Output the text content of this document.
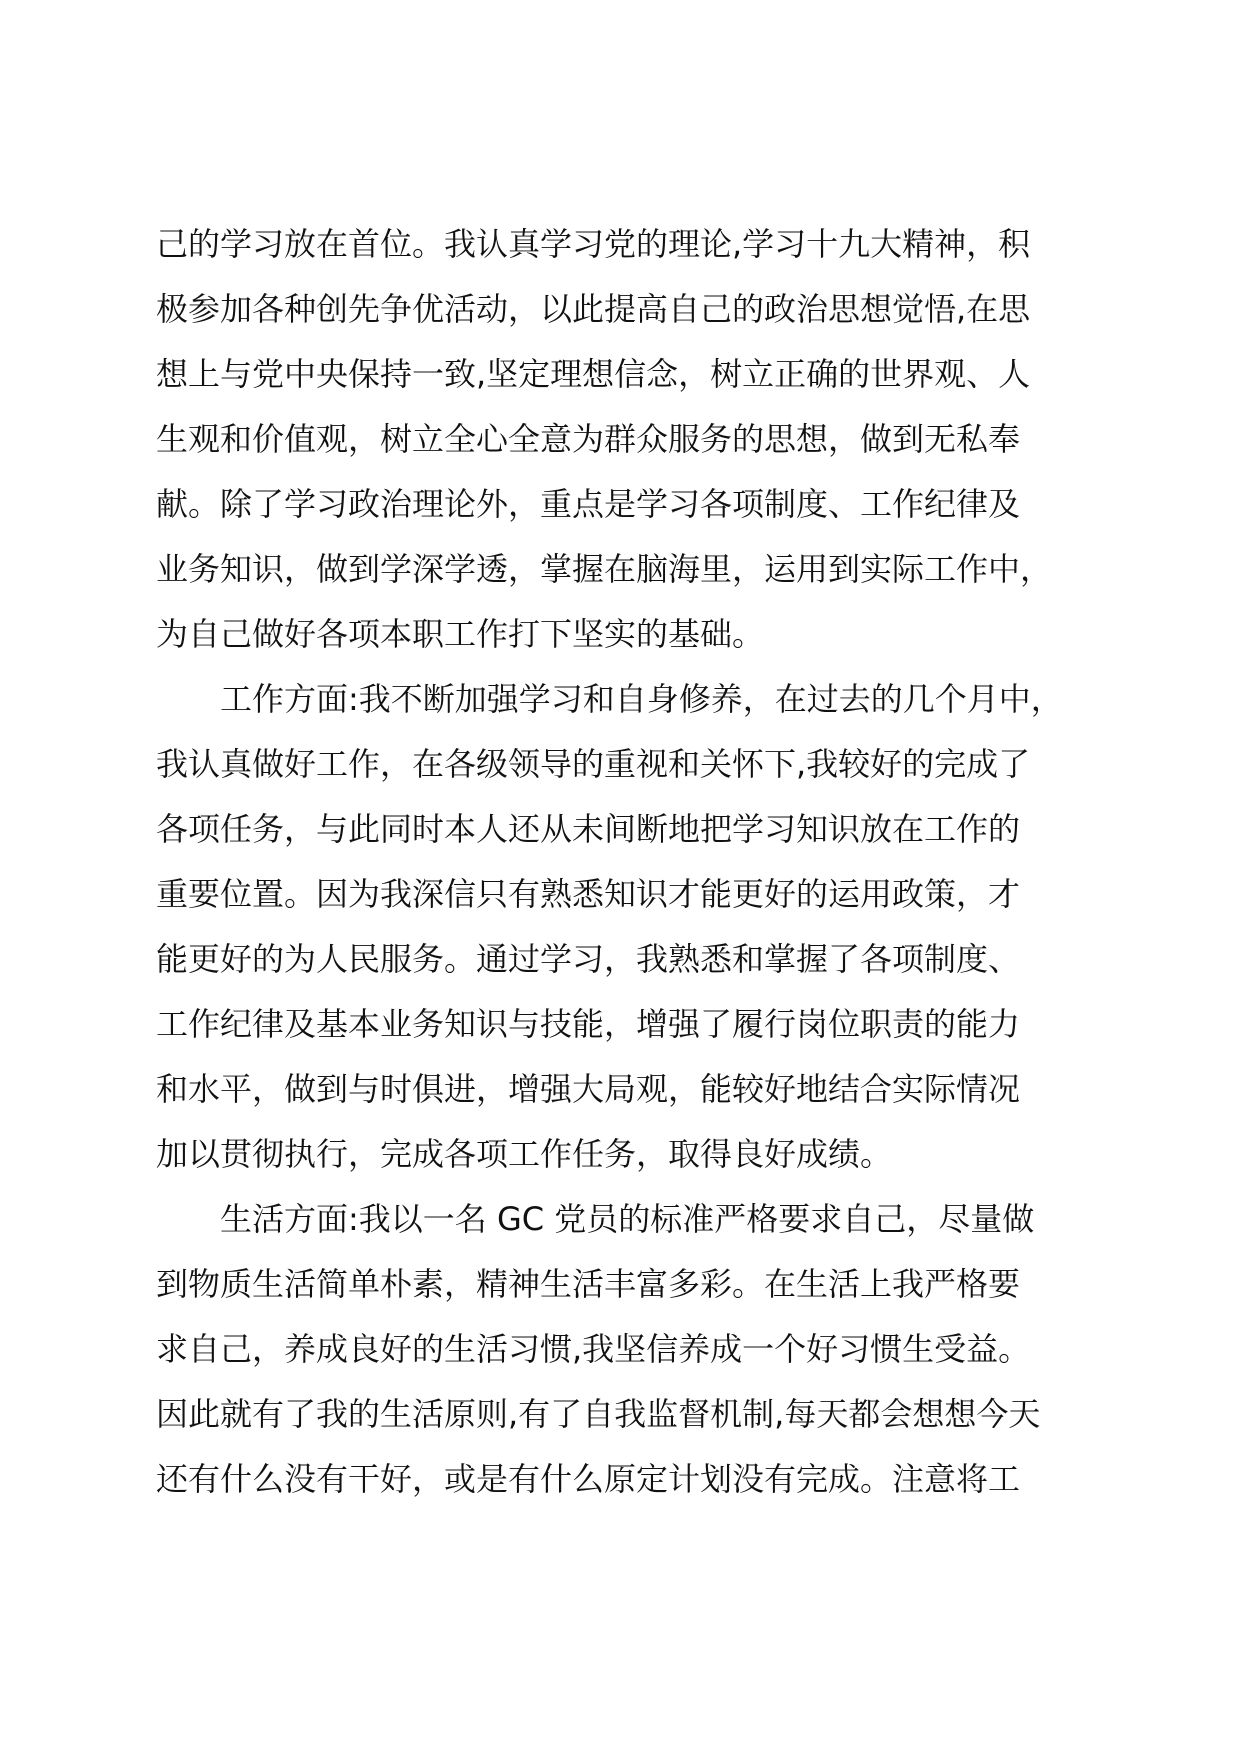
己的学习放在首位。我认真学习党的理论,学习十九大精神，积
极参加各种创先争优活动，以此提高自己的政治思想觉悟,在思
想上与党中央保持一致,坚定理想信念，树立正确的世界观、人
生观和价值观，树立全心全意为群众服务的思想，做到无私奉
献。除了学习政治理论外，重点是学习各项制度、工作纪律及
业务知识，做到学深学透，掌握在脑海里，运用到实际工作中，
为自己做好各项本职工作打下坚实的基础。

工作方面:我不断加强学习和自身修养，在过去的几个月中，
我认真做好工作，在各级领导的重视和关怀下,我较好的完成了
各项任务，与此同时本人还从未间断地把学习知识放在工作的
重要位置。因为我深信只有熟悉知识才能更好的运用政策，才
能更好的为人民服务。通过学习，我熟悉和掌握了各项制度、
工作纪律及基本业务知识与技能，增强了履行岗位职责的能力
和水平，做到与时俱进，增强大局观，能较好地结合实际情况
加以贯彻执行，完成各项工作任务，取得良好成绩。

生活方面:我以一名 GC 党员的标准严格要求自己，尽量做
到物质生活简单朴素，精神生活丰富多彩。在生活上我严格要
求自己，养成良好的生活习惯,我坚信养成一个好习惯生受益。
因此就有了我的生活原则,有了自我监督机制,每天都会想想今天
还有什么没有干好，或是有什么原定计划没有完成。注意将工
